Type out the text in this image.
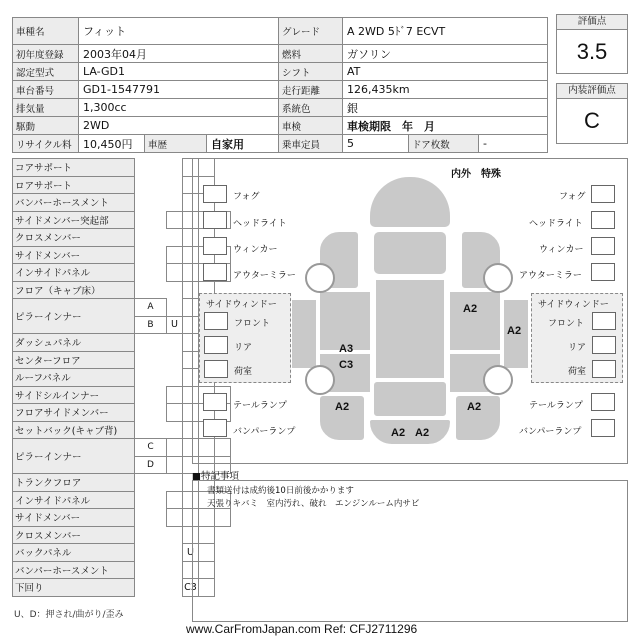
車種名	フィット			グレード	A 2WD 5ﾄﾞ7 ECVT		
初年度登録	2003年04月			燃料	ガソリン		
認定型式	LA-GD1			シフト	AT		
車台番号	GD1-1547791			走行距離	126,435km		
排気量	1,300cc			系統色	銀		
駆動	2WD			車検	車検期限　年　月		
リサイクル料	10,450円	車歴	自家用	乗車定員	5	ドア枚数	-
評価点
3.5
内装評価点
C
コアサポート						
ロアサポート						
バンパーホースメント						
サイドメンバー突起部						
クロスメンバー						
サイドメンバー						
インサイドパネル						
フロア（キャブ床）						
ピラーインナー	A					
	B	U				
ダッシュパネル						
センターフロア						
ルーフパネル						
サイドシルインナー						
フロアサイドメンバー						
セットバック(キャブ背)						
ピラーインナー	C					
	D					
トランクフロア						
インサイドパネル						
サイドメンバー						
クロスメンバー						
バックパネル			U			
バンパーホースメント						
下回り			C3			
U、D：押され/曲がり/歪み
内外　特殊
A2
A2
A3
C3
A2	A2
A2 A2
フォグ
ヘッドライト
ウィンカー
アウターミラー
フォグ
ヘッドライト
ウィンカー
アウターミラー
サイドウィンドー
フロント
リア
荷室
サイドウィンドー
フロント
リア
荷室
テールランプ
バンパーランプ
テールランプ
バンパーランプ
■特記事項
書類送付は成約後10日前後かかります
天張りキバミ　室内汚れ、破れ　エンジンルーム内サビ
www.CarFromJapan.com Ref: CFJ2711296
